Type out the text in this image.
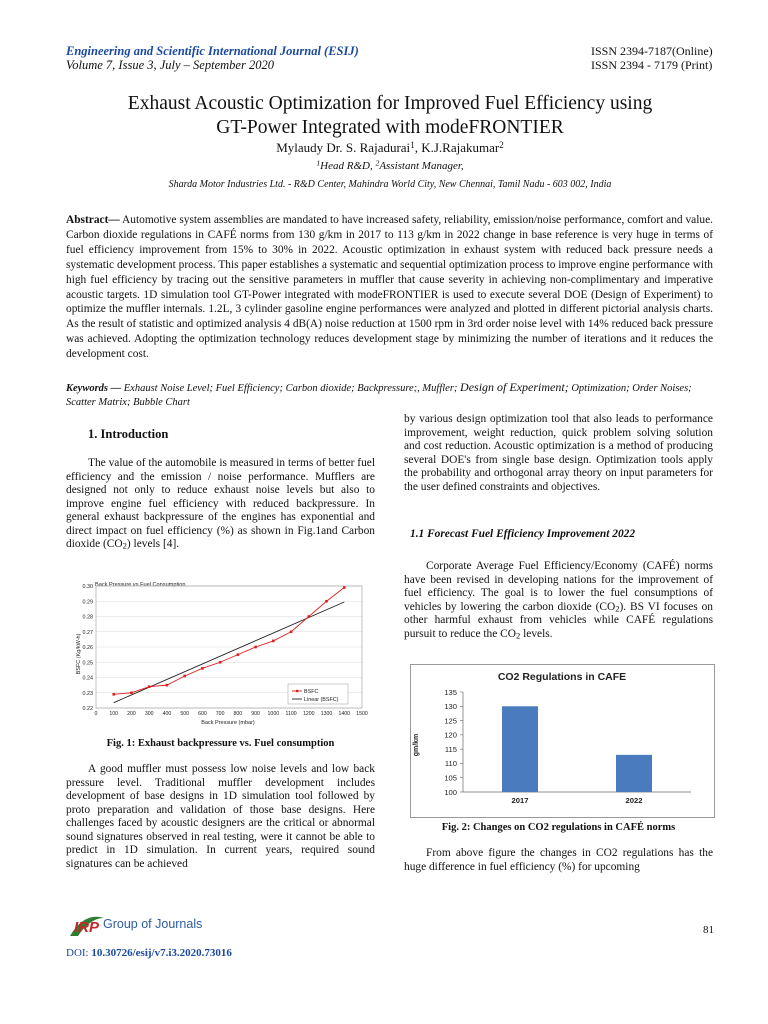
Engineering and Scientific International Journal (ESIJ)
Volume 7, Issue 3, July – September 2020
ISSN 2394-7187(Online)
ISSN 2394 - 7179 (Print)
Exhaust Acoustic Optimization for Improved Fuel Efficiency using
GT-Power Integrated with modeFRONTIER
Mylaudy Dr. S. Rajadurai$^1$, K.J.Rajakumar$^2$
$^1$Head R&D, $^2$Assistant Manager,
Sharda Motor Industries Ltd. - R&D Center, Mahindra World City, New Chennai, Tamil Nadu - 603 002, India
Abstract— Automotive system assemblies are mandated to have increased safety, reliability, emission/noise performance, comfort and value. Carbon dioxide regulations in CAFÉ norms from 130 g/km in 2017 to 113 g/km in 2022 change in base reference is very huge in terms of fuel efficiency improvement from 15% to 30% in 2022. Acoustic optimization in exhaust system with reduced back pressure needs a systematic development process. This paper establishes a systematic and sequential optimization process to improve engine performance with high fuel efficiency by tracing out the sensitive parameters in muffler that cause severity in achieving non-complimentary and imperative acoustic targets. 1D simulation tool GT-Power integrated with modeFRONTIER is used to execute several DOE (Design of Experiment) to optimize the muffler internals. 1.2L, 3 cylinder gasoline engine performances were analyzed and plotted in different pictorial analysis charts. As the result of statistic and optimized analysis 4 dB(A) noise reduction at 1500 rpm in 3rd order noise level with 14% reduced back pressure was achieved. Adopting the optimization technology reduces development stage by minimizing the number of iterations and it reduces the development cost.
Keywords — Exhaust Noise Level; Fuel Efficiency; Carbon dioxide; Backpressure;, Muffler; Design of Experiment; Optimization; Order Noises; Scatter Matrix; Bubble Chart
1. Introduction
The value of the automobile is measured in terms of better fuel efficiency and the emission / noise performance. Mufflers are designed not only to reduce exhaust noise levels but also to improve engine fuel efficiency with reduced backpressure. In general exhaust backpressure of the engines has exponential and direct impact on fuel efficiency (%) as shown in Fig.1and Carbon dioxide $(CO_2)$ levels [4].
Back Pressure vs Fuel Consumption
BSFC (Kg/kW-h)
Back Pressure (mbar)
0.22
0.23
0.24
0.25
0.26
0.27
0.28
0.29
0.30
0 100 200 300 400 500 600 700 800 900 1000 1100 1200 1300 1400 1500
BSFC
Linear (BSFC)
Fig. 1: Exhaust backpressure vs. Fuel consumption
A good muffler must possess low noise levels and low back pressure level. Traditional muffler development includes development of base designs in 1D simulation tool followed by proto preparation and validation of those base designs. Here challenges faced by acoustic designers are the critical or abnormal sound signatures observed in real testing, were it cannot be able to predict in 1D simulation. In current years, required sound signatures can be achieved
by various design optimization tool that also leads to performance improvement, weight reduction, quick problem solving solution and cost reduction. Acoustic optimization is a method of producing several DOE's from single base design. Optimization tools apply the probability and orthogonal array theory on input parameters for the user defined constraints and objectives.
1.1 Forecast Fuel Efficiency Improvement 2022
Corporate Average Fuel Efficiency/Economy (CAFÉ) norms have been revised in developing nations for the improvement of fuel efficiency. The goal is to lower the fuel consumptions of vehicles by lowering the carbon dioxide $(CO_2)$. BS VI focuses on other harmful exhaust from vehicles while CAFÉ regulations pursuit to reduce the $CO_2$ levels.
CO2 Regulations in CAFE
gm/km
100
105
110
115
120
125
130
135
2017	2022
Fig. 2: Changes on CO2 regulations in CAFÉ norms
From above figure the changes in CO2 regulations has the huge difference in fuel efficiency (%) for upcoming
IRP Group of Journals
DOI: 10.30726/esij/v7.i3.2020.73016
81
